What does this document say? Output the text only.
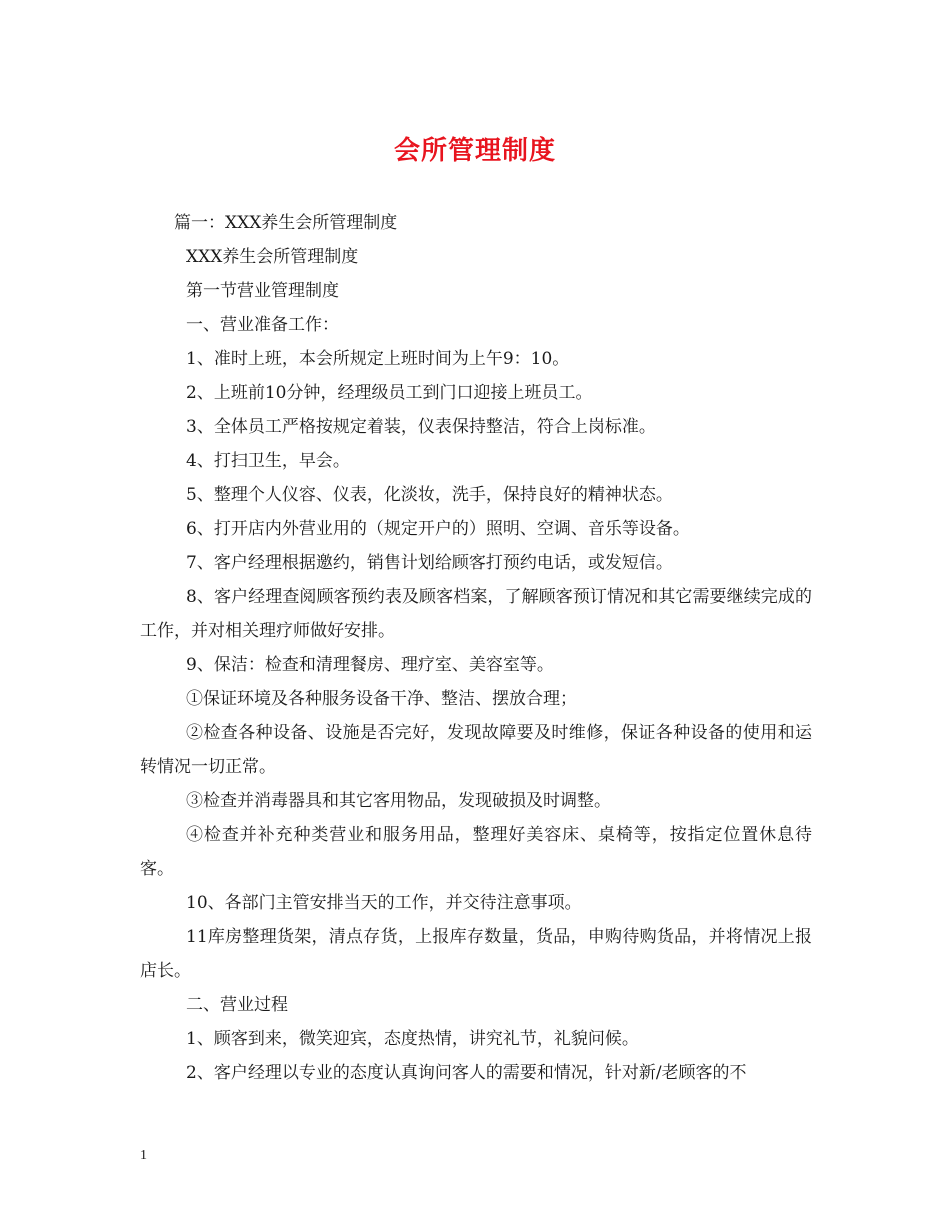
会所管理制度

篇一：XXX养生会所管理制度

XXX养生会所管理制度

第一节营业管理制度

一、营业准备工作：

1、准时上班，本会所规定上班时间为上午9：10。

2、上班前10分钟，经理级员工到门口迎接上班员工。

3、全体员工严格按规定着装，仪表保持整洁，符合上岗标准。

4、打扫卫生，早会。

5、整理个人仪容、仪表，化淡妆，洗手，保持良好的精神状态。

6、打开店内外营业用的（规定开户的）照明、空调、音乐等设备。

7、客户经理根据邀约，销售计划给顾客打预约电话，或发短信。

8、客户经理查阅顾客预约表及顾客档案，了解顾客预订情况和其它需要继续完成的工作，并对相关理疗师做好安排。

9、保洁：检查和清理餐房、理疗室、美容室等。

①保证环境及各种服务设备干净、整洁、摆放合理；

②检查各种设备、设施是否完好，发现故障要及时维修，保证各种设备的使用和运转情况一切正常。

③检查并消毒器具和其它客用物品，发现破损及时调整。

④检查并补充种类营业和服务用品，整理好美容床、桌椅等，按指定位置休息待客。

10、各部门主管安排当天的工作，并交待注意事项。

11库房整理货架，清点存货，上报库存数量，货品，申购待购货品，并将情况上报店长。

二、营业过程

1、顾客到来，微笑迎宾，态度热情，讲究礼节，礼貌问候。

2、客户经理以专业的态度认真询问客人的需要和情况，针对新/老顾客的不

1
